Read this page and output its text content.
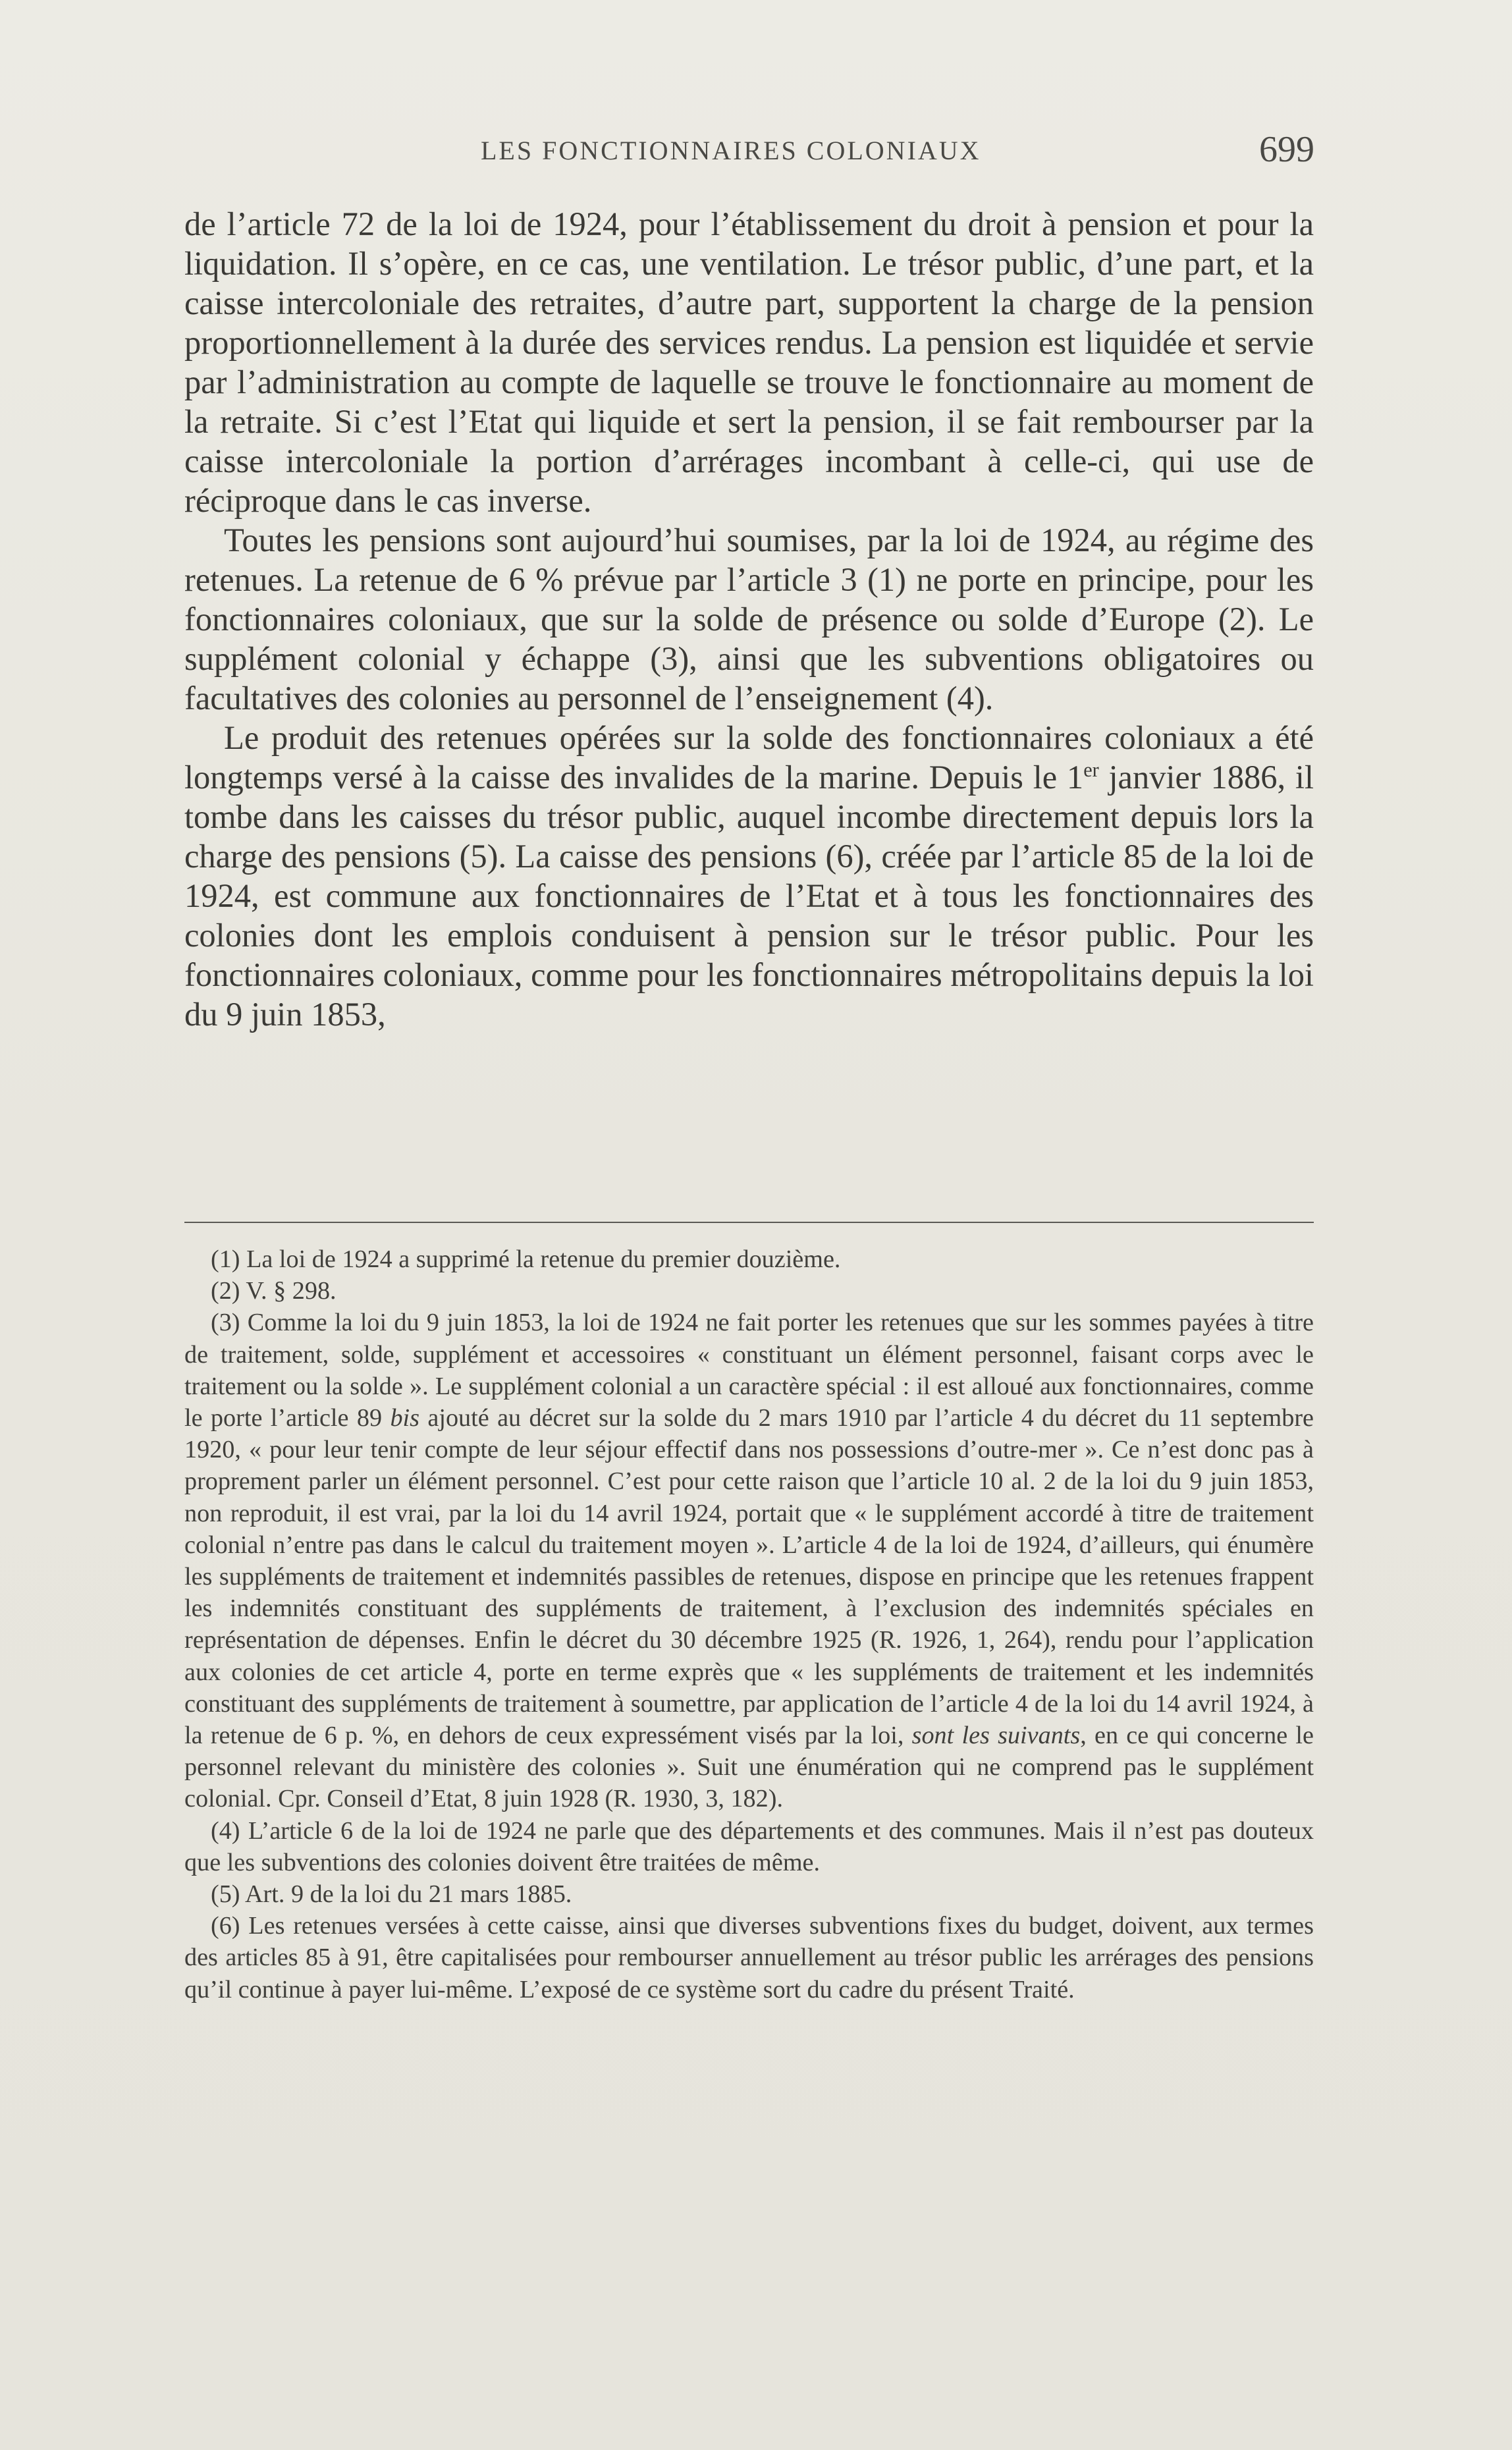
LES FONCTIONNAIRES COLONIAUX	699

de l’article 72 de la loi de 1924, pour l’établissement du droit à pension et pour la liquidation. Il s’opère, en ce cas, une ventilation. Le trésor public, d’une part, et la caisse intercoloniale des retraites, d’autre part, supportent la charge de la pension proportionnellement à la durée des services rendus. La pension est liquidée et servie par l’administration au compte de laquelle se trouve le fonctionnaire au moment de la retraite. Si c’est l’Etat qui liquide et sert la pension, il se fait rembourser par la caisse intercoloniale la portion d’arrérages incombant à celle-ci, qui use de réciproque dans le cas inverse.

Toutes les pensions sont aujourd’hui soumises, par la loi de 1924, au régime des retenues. La retenue de 6 % prévue par l’article 3 (1) ne porte en principe, pour les fonctionnaires coloniaux, que sur la solde de présence ou solde d’Europe (2). Le supplément colonial y échappe (3), ainsi que les subventions obligatoires ou facultatives des colonies au personnel de l’enseignement (4).

Le produit des retenues opérées sur la solde des fonctionnaires coloniaux a été longtemps versé à la caisse des invalides de la marine. Depuis le 1er janvier 1886, il tombe dans les caisses du trésor public, auquel incombe directement depuis lors la charge des pensions (5). La caisse des pensions (6), créée par l’article 85 de la loi de 1924, est commune aux fonctionnaires de l’Etat et à tous les fonctionnaires des colonies dont les emplois conduisent à pension sur le trésor public. Pour les fonctionnaires coloniaux, comme pour les fonctionnaires métropolitains depuis la loi du 9 juin 1853,

(1) La loi de 1924 a supprimé la retenue du premier douzième.

(2) V. § 298.

(3) Comme la loi du 9 juin 1853, la loi de 1924 ne fait porter les retenues que sur les sommes payées à titre de traitement, solde, supplément et accessoires « constituant un élément personnel, faisant corps avec le traitement ou la solde ». Le supplément colonial a un caractère spécial : il est alloué aux fonctionnaires, comme le porte l’article 89 bis ajouté au décret sur la solde du 2 mars 1910 par l’article 4 du décret du 11 septembre 1920, « pour leur tenir compte de leur séjour effectif dans nos possessions d’outre-mer ». Ce n’est donc pas à proprement parler un élément personnel. C’est pour cette raison que l’article 10 al. 2 de la loi du 9 juin 1853, non reproduit, il est vrai, par la loi du 14 avril 1924, portait que « le supplément accordé à titre de traitement colonial n’entre pas dans le calcul du traitement moyen ». L’article 4 de la loi de 1924, d’ailleurs, qui énumère les suppléments de traitement et indemnités passibles de retenues, dispose en principe que les retenues frappent les indemnités constituant des suppléments de traitement, à l’exclusion des indemnités spéciales en représentation de dépenses. Enfin le décret du 30 décembre 1925 (R. 1926, 1, 264), rendu pour l’application aux colonies de cet article 4, porte en terme exprès que « les suppléments de traitement et les indemnités constituant des suppléments de traitement à soumettre, par application de l’article 4 de la loi du 14 avril 1924, à la retenue de 6 p. %, en dehors de ceux expressément visés par la loi, sont les suivants, en ce qui concerne le personnel relevant du ministère des colonies ». Suit une énumération qui ne comprend pas le supplément colonial. Cpr. Conseil d’Etat, 8 juin 1928 (R. 1930, 3, 182).

(4) L’article 6 de la loi de 1924 ne parle que des départements et des communes. Mais il n’est pas douteux que les subventions des colonies doivent être traitées de même.

(5) Art. 9 de la loi du 21 mars 1885.

(6) Les retenues versées à cette caisse, ainsi que diverses subventions fixes du budget, doivent, aux termes des articles 85 à 91, être capitalisées pour rembourser annuellement au trésor public les arrérages des pensions qu’il continue à payer lui-même. L’exposé de ce système sort du cadre du présent Traité.
